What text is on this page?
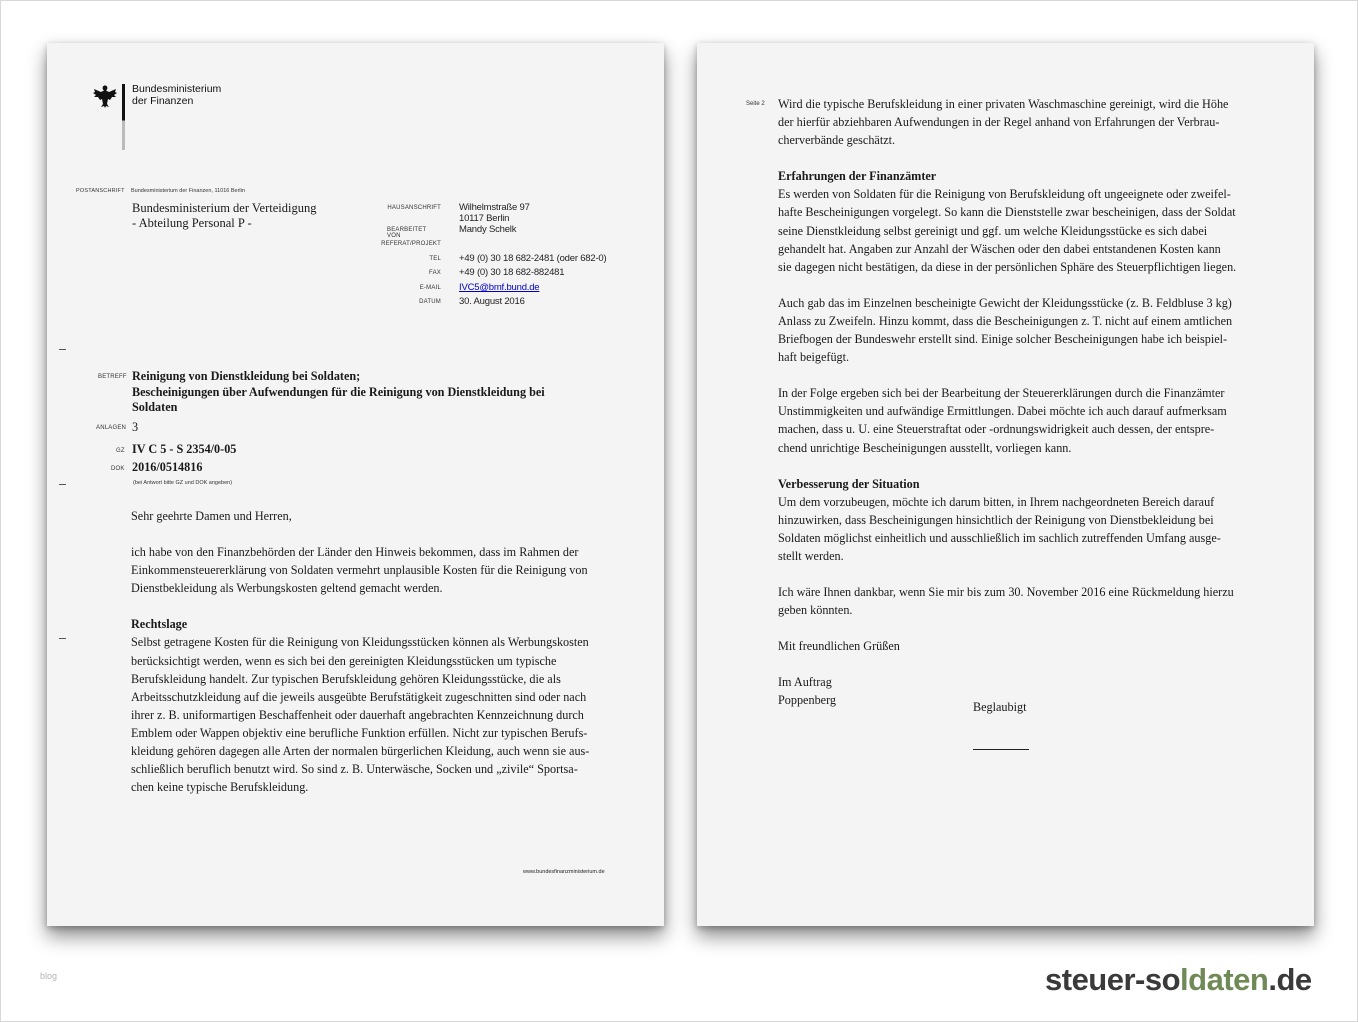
Bundesministerium
der Finanzen
POSTANSCHRIFT Bundesministerium der Finanzen, 11016 Berlin
Bundesministerium der Verteidigung
- Abteilung Personal P -
HAUSANSCHRIFT Wilhelmstraße 97
10117 Berlin
BEARBEITET VON
Mandy Schelk
REFERAT/PROJEKT
TEL +49 (0) 30 18 682-2481 (oder 682-0)
FAX +49 (0) 30 18 682-882481
E-MAIL IVC5@bmf.bund.de
DATUM 30. August 2016
BETREFF Reinigung von Dienstkleidung bei Soldaten;
Bescheinigungen über Aufwendungen für die Reinigung von Dienstkleidung bei
Soldaten
ANLAGEN 3
GZ IV C 5 - S 2354/0-05
DOK 2016/0514816
(bei Antwort bitte GZ und DOK angeben)

Sehr geehrte Damen und Herren,

ich habe von den Finanzbehörden der Länder den Hinweis bekommen, dass im Rahmen der

Einkommensteuererklärung von Soldaten vermehrt unplausible Kosten für die Reinigung von

Dienstbekleidung als Werbungskosten geltend gemacht werden.

Rechtslage

Selbst getragene Kosten für die Reinigung von Kleidungsstücken können als Werbungskosten

berücksichtigt werden, wenn es sich bei den gereinigten Kleidungsstücken um typische

Berufskleidung handelt. Zur typischen Berufskleidung gehören Kleidungsstücke, die als

Arbeitsschutzkleidung auf die jeweils ausgeübte Berufstätigkeit zugeschnitten sind oder nach

ihrer z. B. uniformartigen Beschaffenheit oder dauerhaft angebrachten Kennzeichnung durch

Emblem oder Wappen objektiv eine berufliche Funktion erfüllen. Nicht zur typischen Berufs-

kleidung gehören dagegen alle Arten der normalen bürgerlichen Kleidung, auch wenn sie aus-

schließlich beruflich benutzt wird. So sind z. B. Unterwäsche, Socken und „zivile“ Sportsa-

chen keine typische Berufskleidung.

www.bundesfinanzministerium.de
Seite 2 Wird die typische Berufskleidung in einer privaten Waschmaschine gereinigt, wird die Höhe

der hierfür abziehbaren Aufwendungen in der Regel anhand von Erfahrungen der Verbrau-

cherverbände geschätzt.

Erfahrungen der Finanzämter

Es werden von Soldaten für die Reinigung von Berufskleidung oft ungeeignete oder zweifel-

hafte Bescheinigungen vorgelegt. So kann die Dienststelle zwar bescheinigen, dass der Soldat

seine Dienstkleidung selbst gereinigt und ggf. um welche Kleidungsstücke es sich dabei

gehandelt hat. Angaben zur Anzahl der Wäschen oder den dabei entstandenen Kosten kann

sie dagegen nicht bestätigen, da diese in der persönlichen Sphäre des Steuerpflichtigen liegen.

Auch gab das im Einzelnen bescheinigte Gewicht der Kleidungsstücke (z. B. Feldbluse 3 kg)

Anlass zu Zweifeln. Hinzu kommt, dass die Bescheinigungen z. T. nicht auf einem amtlichen

Briefbogen der Bundeswehr erstellt sind. Einige solcher Bescheinigungen habe ich beispiel-

haft beigefügt.

In der Folge ergeben sich bei der Bearbeitung der Steuererklärungen durch die Finanzämter

Unstimmigkeiten und aufwändige Ermittlungen. Dabei möchte ich auch darauf aufmerksam

machen, dass u. U. eine Steuerstraftat oder -ordnungswidrigkeit auch dessen, der entspre-

chend unrichtige Bescheinigungen ausstellt, vorliegen kann.

Verbesserung der Situation

Um dem vorzubeugen, möchte ich darum bitten, in Ihrem nachgeordneten Bereich darauf

hinzuwirken, dass Bescheinigungen hinsichtlich der Reinigung von Dienstbekleidung bei

Soldaten möglichst einheitlich und ausschließlich im sachlich zutreffenden Umfang ausge-

stellt werden.

Ich wäre Ihnen dankbar, wenn Sie mir bis zum 30. November 2016 eine Rückmeldung hierzu

geben könnten.

Mit freundlichen Grüßen

Im Auftrag

Poppenberg	Beglaubigt
blog	steuer-soldaten.de
